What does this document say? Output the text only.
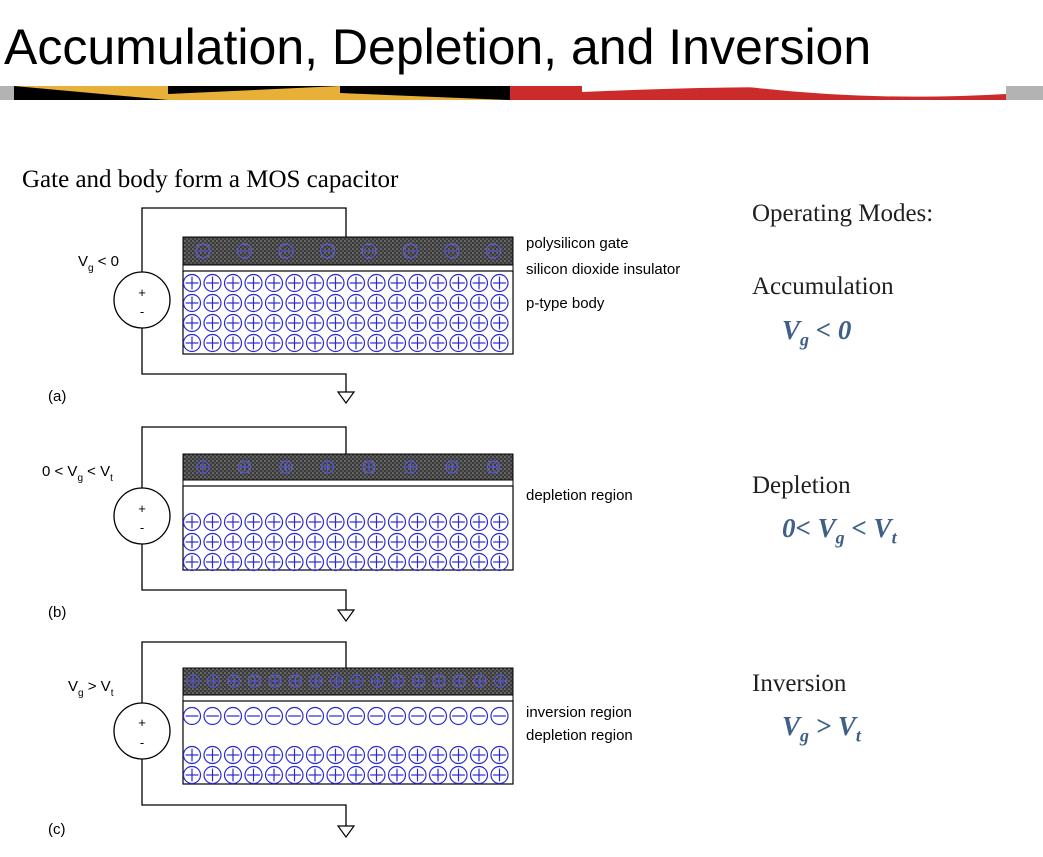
Accumulation, Depletion, and Inversion
Gate and body form a MOS capacitor
+
-
$V_g < 0$
(a)
polysilicon gate
silicon dioxide insulator
p-type body
+
-
$0 < V_g < V_t$
(b)
depletion region
+
-
$V_g > V_t$
(c)
inversion region
depletion region
Operating Modes:
Accumulation
$V_g < 0$
Depletion
$0< V_g < V_t$
Inversion
$V_g > V_t$
